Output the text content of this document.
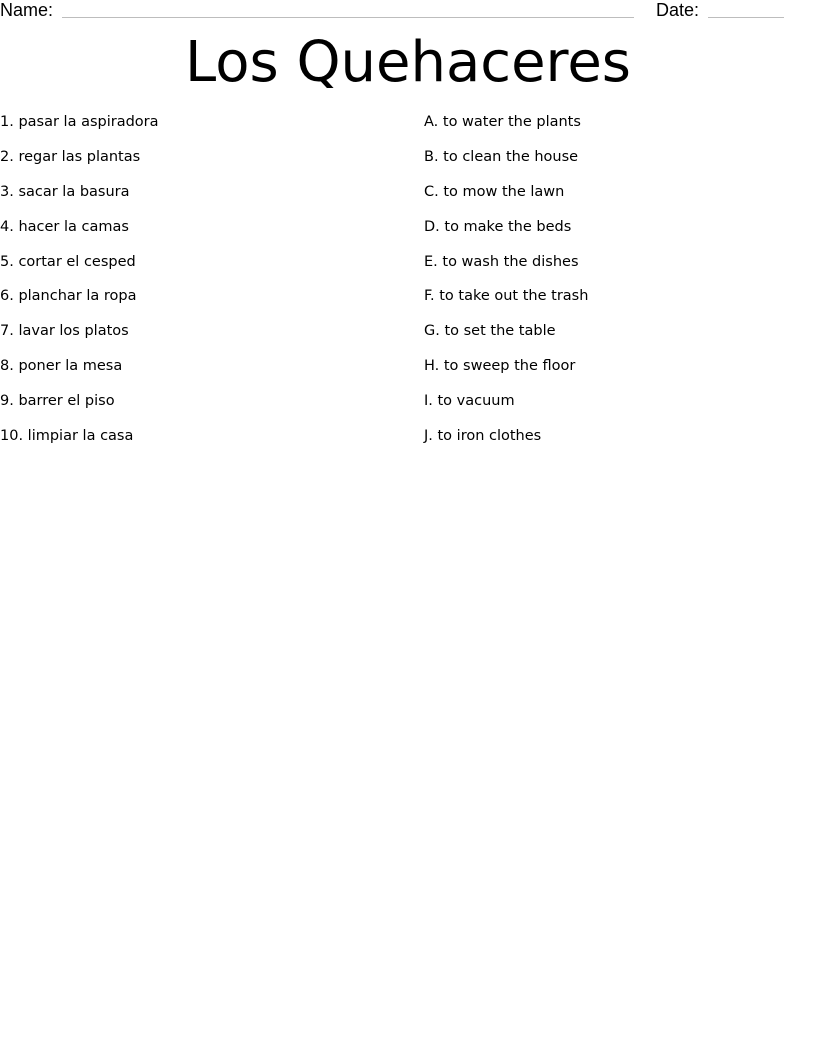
Name:	Date:
Los Quehaceres
1. pasar la aspiradora
2. regar las plantas
3. sacar la basura
4. hacer la camas
5. cortar el cesped
6. planchar la ropa
7. lavar los platos
8. poner la mesa
9. barrer el piso
10. limpiar la casa
A. to water the plants
B. to clean the house
C. to mow the lawn
D. to make the beds
E. to wash the dishes
F. to take out the trash
G. to set the table
H. to sweep the floor
I. to vacuum
J. to iron clothes
